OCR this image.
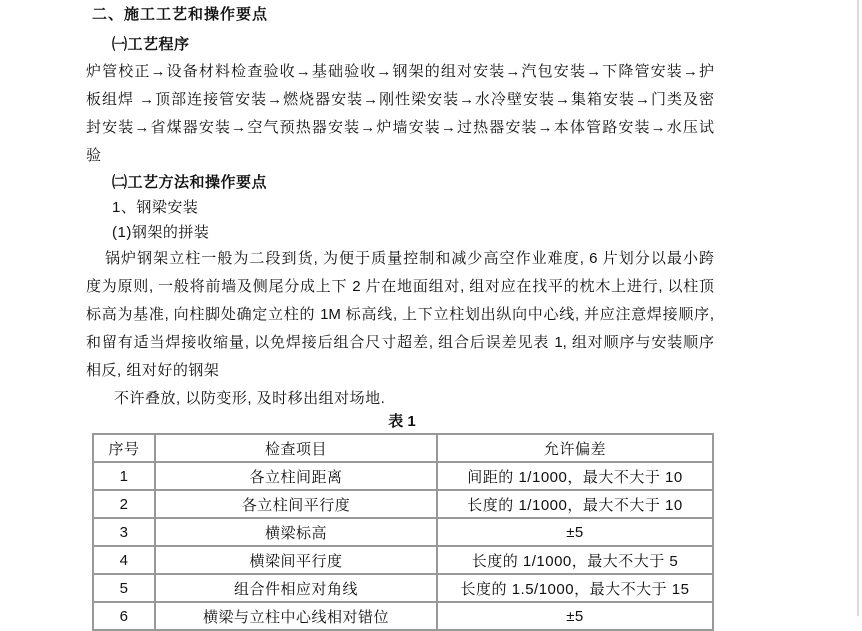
二、施工工艺和操作要点
㈠工艺程序
炉管校正→设备材料检查验收→基础验收→钢架的组对安装→汽包安装→下降管安装→护
板组焊 →顶部连接管安装→燃烧器安装→刚性梁安装→水冷壁安装→集箱安装→门类及密
封安装→省煤器安装→空气预热器安装→炉墙安装→过热器安装→本体管路安装→水压试
验
㈡工艺方法和操作要点
1、钢梁安装
(1)钢架的拼装
锅炉钢架立柱一般为二段到货, 为便于质量控制和减少高空作业难度, 6 片划分以最小跨
度为原则, 一般将前墙及侧尾分成上下 2 片在地面组对, 组对应在找平的枕木上进行, 以柱顶
标高为基准, 向柱脚处确定立柱的 1M 标高线, 上下立柱划出纵向中心线, 并应注意焊接顺序,
和留有适当焊接收缩量, 以免焊接后组合尺寸超差, 组合后误差见表 1, 组对顺序与安装顺序
相反, 组对好的钢架
不许叠放, 以防变形, 及时移出组对场地.
表 1
序号	检查项目	允许偏差
1	各立柱间距离	间距的 1/1000，最大不大于 10
2	各立柱间平行度	长度的 1/1000，最大不大于 10
3	横梁标高	±5
4	横梁间平行度	长度的 1/1000，最大不大于 5
5	组合件相应对角线	长度的 1.5/1000，最大不大于 15
6	横梁与立柱中心线相对错位	±5
